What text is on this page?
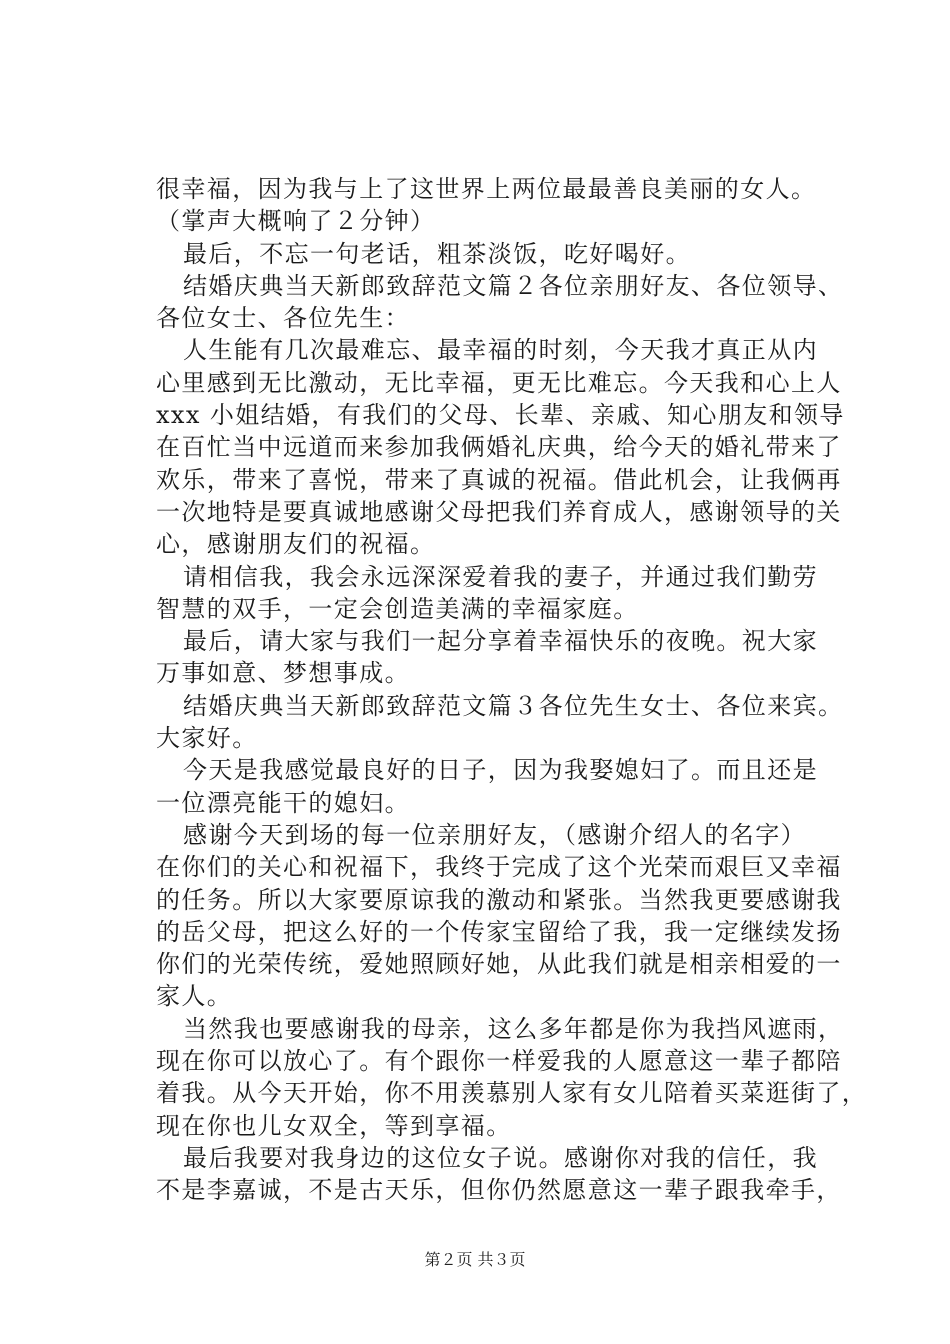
很幸福，因为我与上了这世界上两位最最善良美丽的女人。
（掌声大概响了２分钟）
最后，不忘一句老话，粗茶淡饭，吃好喝好。
结婚庆典当天新郎致辞范文篇２各位亲朋好友、各位领导、
各位女士、各位先生：
人生能有几次最难忘、最幸福的时刻，今天我才真正从内
心里感到无比激动，无比幸福，更无比难忘。今天我和心上人
xxx 小姐结婚，有我们的父母、长辈、亲戚、知心朋友和领导
在百忙当中远道而来参加我俩婚礼庆典，给今天的婚礼带来了
欢乐，带来了喜悦，带来了真诚的祝福。借此机会，让我俩再
一次地特是要真诚地感谢父母把我们养育成人，感谢领导的关
心，感谢朋友们的祝福。
请相信我，我会永远深深爱着我的妻子，并通过我们勤劳
智慧的双手，一定会创造美满的幸福家庭。
最后，请大家与我们一起分享着幸福快乐的夜晚。祝大家
万事如意、梦想事成。
结婚庆典当天新郎致辞范文篇３各位先生女士、各位来宾。
大家好。
今天是我感觉最良好的日子，因为我娶媳妇了。而且还是
一位漂亮能干的媳妇。
感谢今天到场的每一位亲朋好友，（感谢介绍人的名字）
在你们的关心和祝福下，我终于完成了这个光荣而艰巨又幸福
的任务。所以大家要原谅我的激动和紧张。当然我更要感谢我
的岳父母，把这么好的一个传家宝留给了我，我一定继续发扬
你们的光荣传统，爱她照顾好她，从此我们就是相亲相爱的一
家人。
当然我也要感谢我的母亲，这么多年都是你为我挡风遮雨，
现在你可以放心了。有个跟你一样爱我的人愿意这一辈子都陪
着我。从今天开始，你不用羡慕别人家有女儿陪着买菜逛街了，
现在你也儿女双全，等到享福。
最后我要对我身边的这位女子说。感谢你对我的信任，我
不是李嘉诚，不是古天乐，但你仍然愿意这一辈子跟我牵手，
第２页 共３页
